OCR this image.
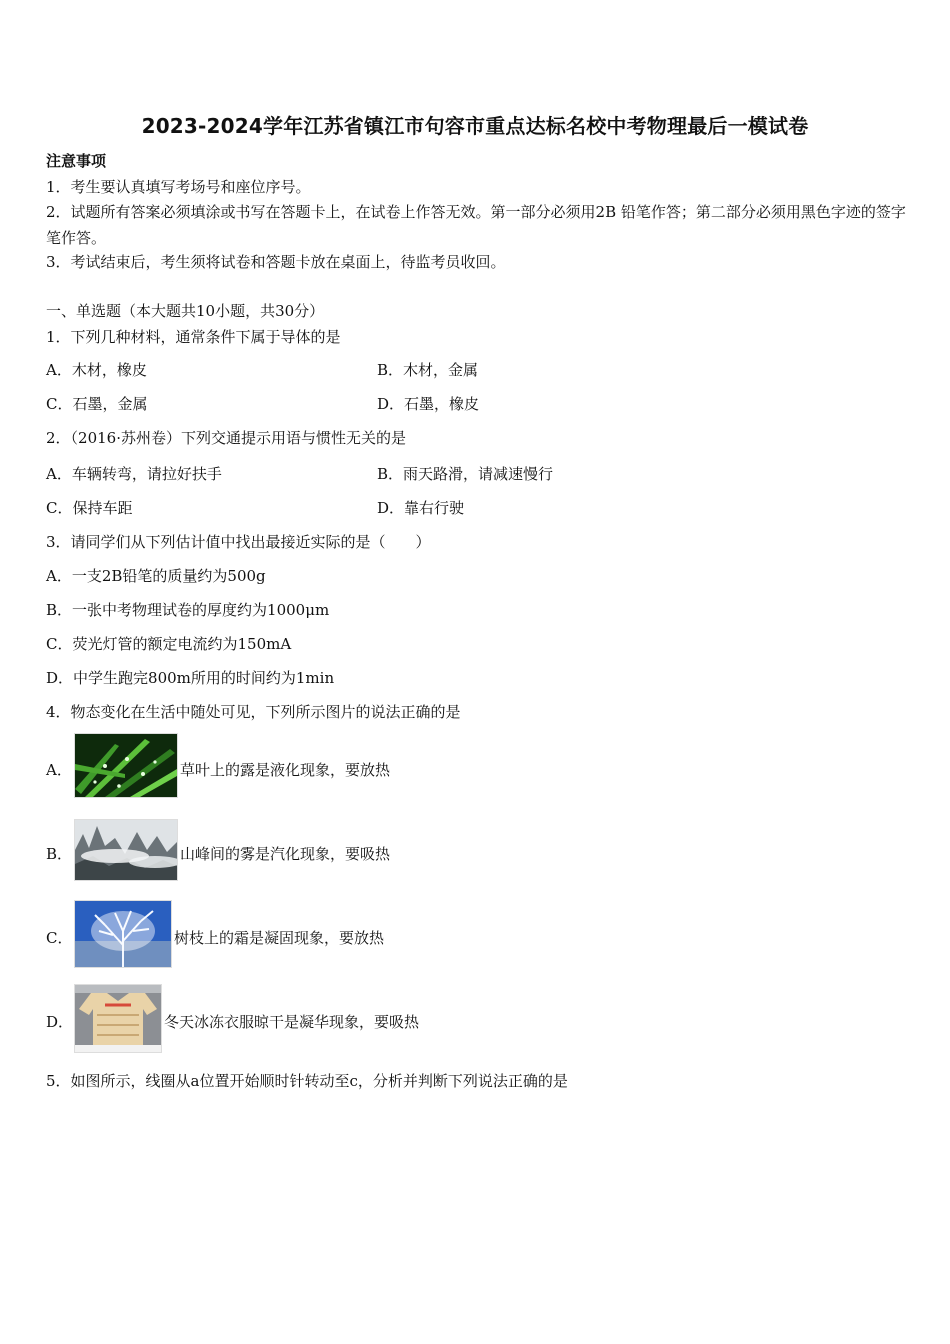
2023-2024学年江苏省镇江市句容市重点达标名校中考物理最后一模试卷
注意事项
1．考生要认真填写考场号和座位序号。
2．试题所有答案必须填涂或书写在答题卡上，在试卷上作答无效。第一部分必须用2B 铅笔作答；第二部分必须用黑色字迹的签字笔作答。
3．考试结束后，考生须将试卷和答题卡放在桌面上，待监考员收回。
一、单选题（本大题共10小题，共30分）
1．下列几种材料，通常条件下属于导体的是
A．木材，橡皮	B．木材，金属
C．石墨，金属	D．石墨，橡皮
2．（2016·苏州卷）下列交通提示用语与惯性无关的是
A．车辆转弯，请拉好扶手	B．雨天路滑，请减速慢行
C．保持车距	D．靠右行驶
3．请同学们从下列估计值中找出最接近实际的是（　　）
A．一支2B铅笔的质量约为500g
B．一张中考物理试卷的厚度约为1000μm
C．荧光灯管的额定电流约为150mA
D．中学生跑完800m所用的时间约为1min
4．物态变化在生活中随处可见，下列所示图片的说法正确的是
A．	草叶上的露是液化现象，要放热
B．	山峰间的雾是汽化现象，要吸热
C．	树枝上的霜是凝固现象，要放热
D．	冬天冰冻衣服晾干是凝华现象，要吸热
5．如图所示，线圈从a位置开始顺时针转动至c，分析并判断下列说法正确的是
